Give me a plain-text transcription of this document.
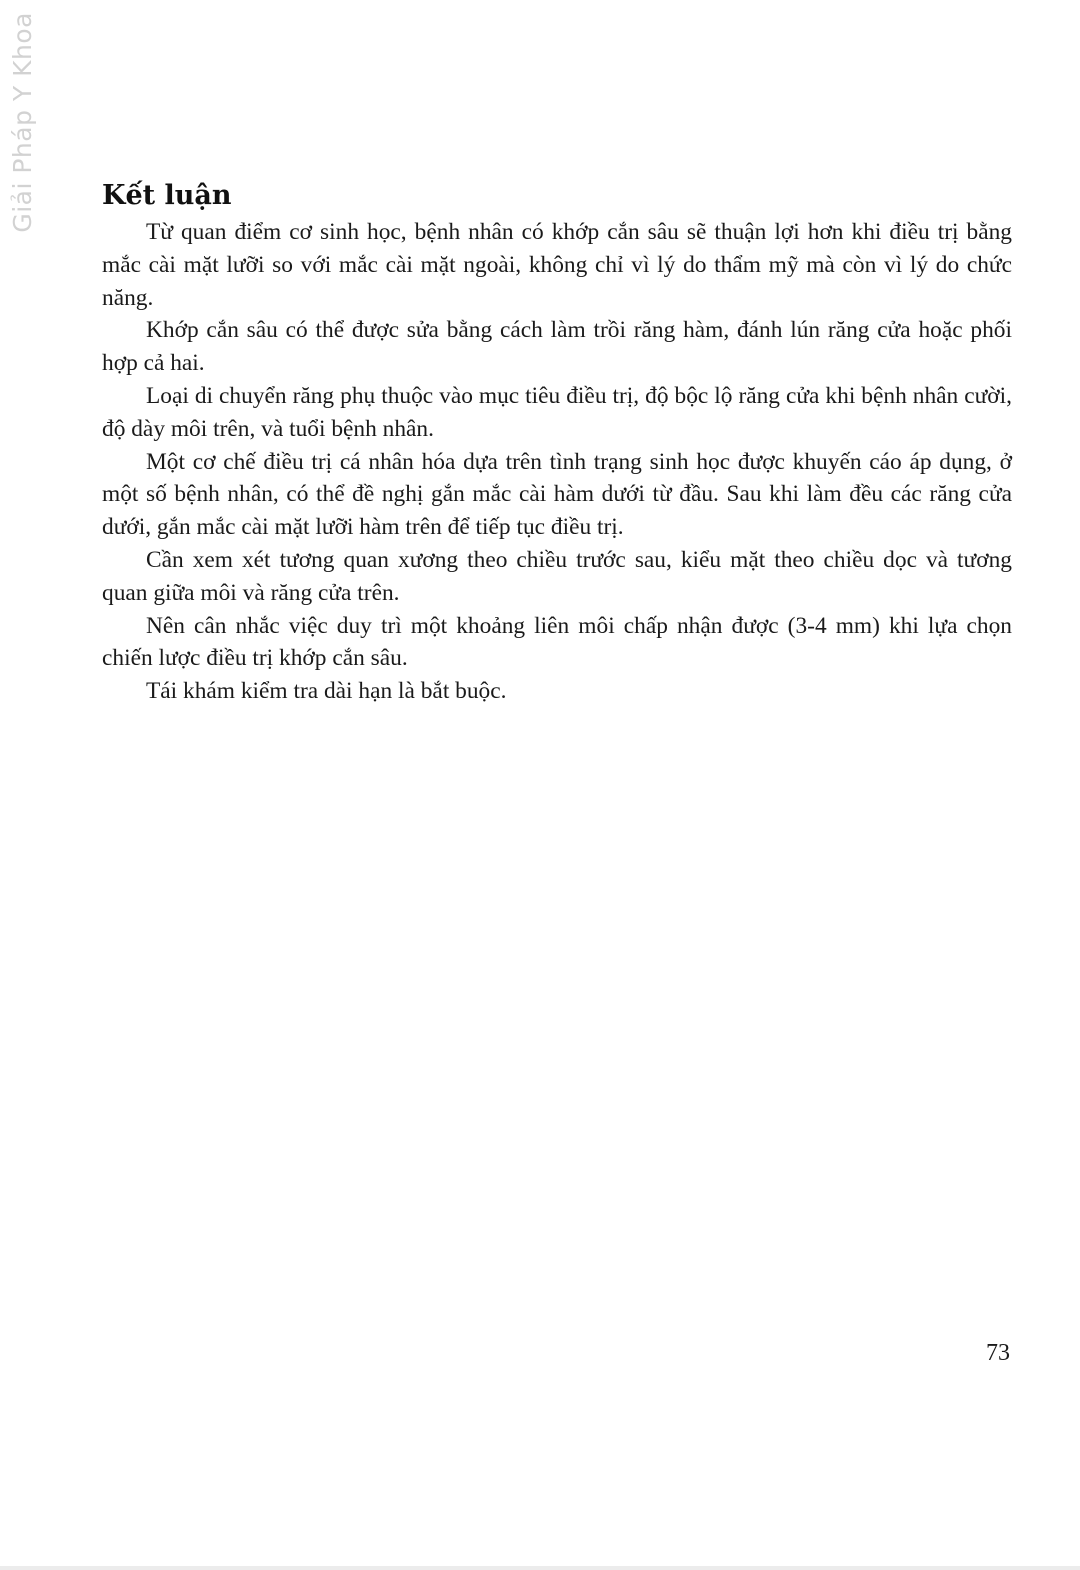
Giải Pháp Y Khoa Kết luận

Từ quan điểm cơ sinh học, bệnh nhân có khớp cắn sâu sẽ thuận lợi hơn khi điều trị bằng mắc cài mặt lưỡi so với mắc cài mặt ngoài, không chỉ vì lý do thẩm mỹ mà còn vì lý do chức năng.

Khớp cắn sâu có thể được sửa bằng cách làm trồi răng hàm, đánh lún răng cửa hoặc phối hợp cả hai.

Loại di chuyển răng phụ thuộc vào mục tiêu điều trị, độ bộc lộ răng cửa khi bệnh nhân cười, độ dày môi trên, và tuổi bệnh nhân.

Một cơ chế điều trị cá nhân hóa dựa trên tình trạng sinh học được khuyến cáo áp dụng, ở một số bệnh nhân, có thể đề nghị gắn mắc cài hàm dưới từ đầu. Sau khi làm đều các răng cửa dưới, gắn mắc cài mặt lưỡi hàm trên để tiếp tục điều trị.

Cần xem xét tương quan xương theo chiều trước sau, kiểu mặt theo chiều dọc và tương quan giữa môi và răng cửa trên.

Nên cân nhắc việc duy trì một khoảng liên môi chấp nhận được (3-4 mm) khi lựa chọn chiến lược điều trị khớp cắn sâu.

Tái khám kiểm tra dài hạn là bắt buộc.

73
